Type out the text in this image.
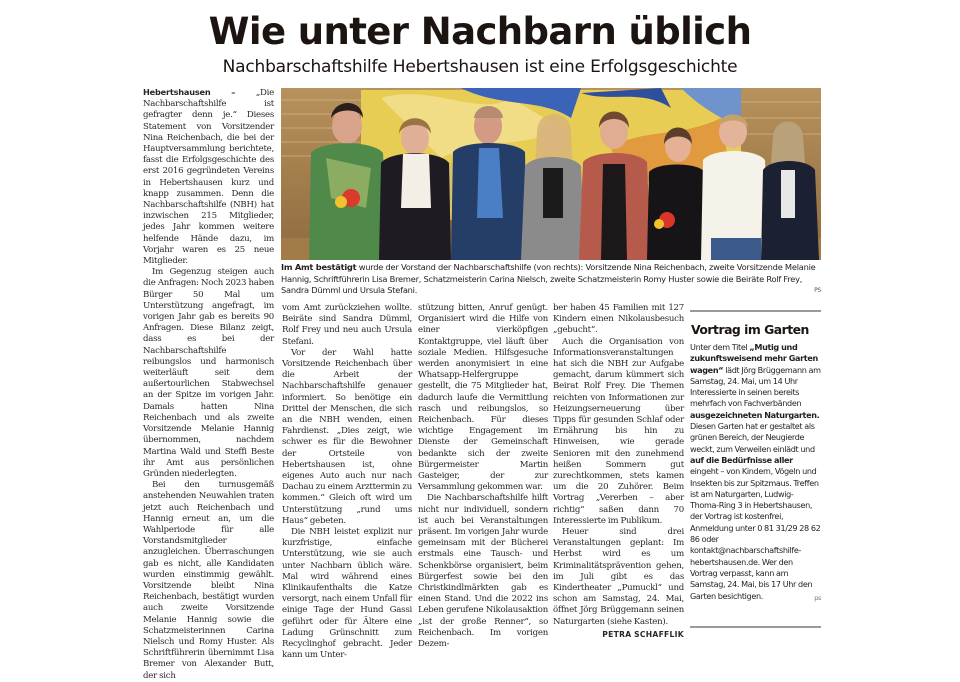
Wie unter Nachbarn üblich
Nachbarschaftshilfe Hebertshausen ist eine Erfolgsgeschichte

Hebertshausen – „Die Nachbarschaftshilfe ist gefragter denn je.“ Dieses Statement von Vorsitzender Nina Reichenbach, die bei der Hauptversammlung berichtete, fasst die Erfolgsgeschichte des erst 2016 gegründeten Vereins in Hebertshausen kurz und knapp zusammen. Denn die Nachbarschaftshilfe (NBH) hat inzwischen 215 Mitglieder, jedes Jahr kommen weitere helfende Hände dazu, im Vorjahr waren es 25 neue Mitglieder.

Im Gegenzug steigen auch die Anfragen: Noch 2023 haben Bürger 50 Mal um Unterstützung angefragt, im vorigen Jahr gab es bereits 90 Anfragen. Diese Bilanz zeigt, dass es bei der Nachbarschaftshilfe reibungslos und harmonisch weiterläuft seit dem außertourlichen Stabwechsel an der Spitze im vorigen Jahr. Damals hatten Nina Reichenbach und als zweite Vorsitzende Melanie Hannig übernommen, nachdem Martina Wald und Steffi Beste ihr Amt aus persönlichen Gründen niederlegten.

Bei den turnusgemäß anstehenden Neuwahlen traten jetzt auch Reichenbach und Hannig erneut an, um die Wahlperiode für alle Vorstandsmitglieder anzugleichen. Überraschungen gab es nicht, alle Kandidaten wurden einstimmig gewählt. Vorsitzende bleibt Nina Reichenbach, bestätigt wurden auch zweite Vorsitzende Melanie Hannig sowie die Schatzmeisterinnen Carina Nielsch und Romy Huster. Als Schriftführerin übernimmt Lisa Bremer von Alexander Butt, der sich

Im Amt bestätigt wurde der Vorstand der Nachbarschaftshilfe (von rechts): Vorsitzende Nina Reichenbach, zweite Vorsitzende Melanie Hannig, Schriftführerin Lisa Bremer, Schatzmeisterin Carina Nielsch, zweite Schatzmeisterin Romy Huster sowie die Beiräte Rolf Frey, Sandra Dümml und Ursula Stefani.	PS

vom Amt zurückziehen wollte. Beiräte sind Sandra Dümml, Rolf Frey und neu auch Ursula Stefani.

Vor der Wahl hatte Vorsitzende Reichenbach über die Arbeit der Nachbarschaftshilfe genauer informiert. So benötige ein Drittel der Menschen, die sich an die NBH wenden, einen Fahrdienst. „Dies zeigt, wie schwer es für die Bewohner der Ortsteile von Hebertshausen ist, ohne eigenes Auto auch nur nach Dachau zu einem Arzttermin zu kommen.“ Gleich oft wird um Unterstützung „rund ums Haus“ gebeten.

Die NBH leistet explizit nur kurzfristige, einfache Unterstützung, wie sie auch unter Nachbarn üblich wäre. Mal wird während eines Klinikaufenthalts die Katze versorgt, nach einem Unfall für einige Tage der Hund Gassi geführt oder für Ältere eine Ladung Grünschnitt zum Recyclinghof gebracht. Jeder kann um Unter-

stützung bitten, Anruf genügt. Organisiert wird die Hilfe von einer vierköpfigen Kontaktgruppe, viel läuft über soziale Medien. Hilfsgesuche werden anonymisiert in eine Whatsapp-Helfergruppe gestellt, die 75 Mitglieder hat, dadurch laufe die Vermittlung rasch und reibungslos, so Reichenbach. Für dieses wichtige Engagement im Dienste der Gemeinschaft bedankte sich der zweite Bürgermeister Martin Gasteiger, der zur Versammlung gekommen war.

Die Nachbarschaftshilfe hilft nicht nur individuell, sondern ist auch bei Veranstaltungen präsent. Im vorigen Jahr wurde gemeinsam mit der Bücherei erstmals eine Tausch- und Schenkbörse organisiert, beim Bürgerfest sowie bei den Christkindlmärkten gab es einen Stand. Und die 2022 ins Leben gerufene Nikolausaktion „ist der große Renner“, so Reichenbach. Im vorigen Dezem-

ber haben 45 Familien mit 127 Kindern einen Nikolausbesuch „gebucht“.

Auch die Organisation von Informationsveranstaltungen hat sich die NBH zur Aufgabe gemacht, darum kümmert sich Beirat Rolf Frey. Die Themen reichten von Informationen zur Heizungserneuerung über Tipps für gesunden Schlaf oder Ernährung bis hin zu Hinweisen, wie gerade Senioren mit den zunehmend heißen Sommern gut zurechtkommen, stets kamen um die 20 Zuhörer. Beim Vortrag „Vererben – aber richtig“ saßen dann 70 Interessierte im Publikum.

Heuer sind drei Veranstaltungen geplant: Im Herbst wird es um Kriminalitätsprävention gehen, im Juli gibt es das Kindertheater „Pumuckl“ und schon am Samstag, 24. Mai, öffnet Jörg Brüggemann seinen Naturgarten (siehe Kasten).

PETRA SCHAFFLIK
Vortrag im Garten
Unter dem Titel „Mutig und zukunftsweisend mehr Garten wagen“ lädt Jörg Brüggemann am Samstag, 24. Mai, um 14 Uhr Interessierte in seinen bereits mehrfach von Fachverbänden ausgezeichneten Naturgarten. Diesen Garten hat er gestaltet als grünen Bereich, der Neugierde weckt, zum Verweilen einlädt und auf die Bedürfnisse aller eingeht – von Kindern, Vögeln und Insekten bis zur Spitzmaus. Treffen ist am Naturgarten, Ludwig-Thoma-Ring 3 in Hebertshausen, der Vortrag ist kostenfrei, Anmeldung unter 0 81 31/29 28 62 86 oder kontakt@nachbarschaftshilfe-hebertshausen.de. Wer den Vortrag verpasst, kann am Samstag, 24. Mai, bis 17 Uhr den Garten besichtigen.	ps
